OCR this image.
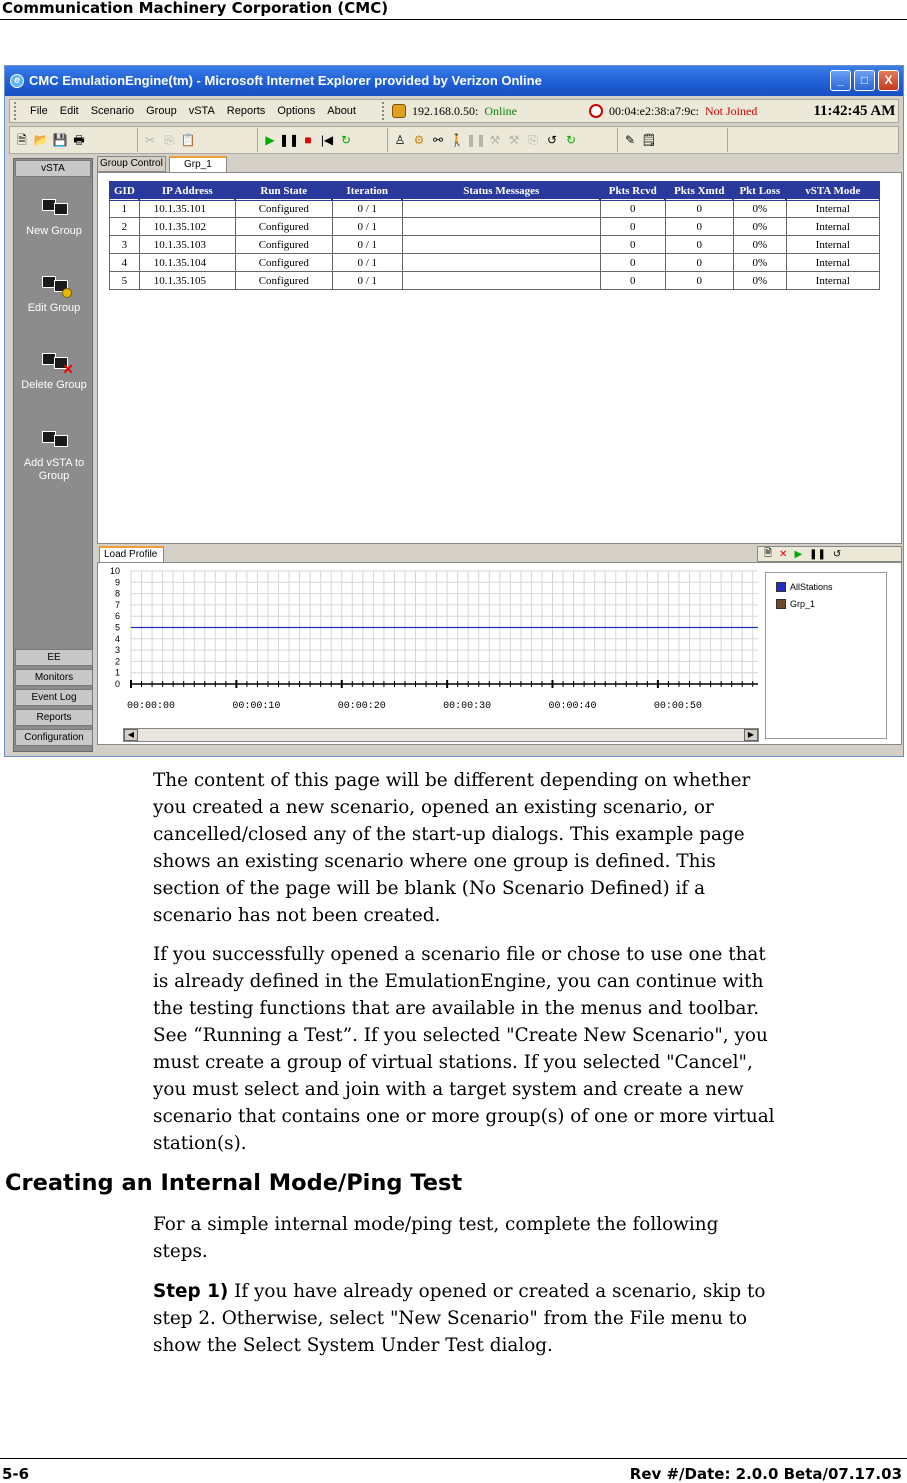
Communication Machinery Corporation (CMC)
e CMC EmulationEngine(tm) - Microsoft Internet Explorer provided by Verizon Online	_	□	X
File	Edit	Scenario	Group	vSTA	Reports	Options	About	192.168.0.50: Online	00:04:e2:38:a7:9c: Not Joined	11:42:45 AM
🗎 📂 💾 🖶	✂ ⎘ 📋	▶ ❚❚ ■ |◀ ↻	♙ ⚙ ⚯ 🚶 ❚❚ ⚒ ⚒ ⎘ ↺ ↻	✎ 🗒
vSTA
New Group
Edit Group
✕
Delete Group
Add vSTA to Group
EE
Monitors
Event Log
Reports
Configuration
Group Control	Grp_1
GID	IP Address	Run State	Iteration	Status Messages	Pkts Rcvd	Pkts Xmtd	Pkt Loss	vSTA Mode
1	10.1.35.101	Configured	0 / 1		0	0	0%	Internal
2	10.1.35.102	Configured	0 / 1		0	0	0%	Internal
3	10.1.35.103	Configured	0 / 1		0	0	0%	Internal
4	10.1.35.104	Configured	0 / 1		0	0	0%	Internal
5	10.1.35.105	Configured	0 / 1		0	0	0%	Internal
Load Profile	🗎 ✕ ▶ ❚❚ ↺
0
1
2
3
4
5
6
7
8
9
10
00:00:00	00:00:10	00:00:20	00:00:30	00:00:40	00:00:50
◀	▶
AllStations
Grp_1
The content of this page will be different depending on whether
you created a new scenario, opened an existing scenario, or
cancelled/closed any of the start-up dialogs. This example page
shows an existing scenario where one group is defined. This
section of the page will be blank (No Scenario Defined) if a
scenario has not been created.
If you successfully opened a scenario file or chose to use one that
is already defined in the EmulationEngine, you can continue with
the testing functions that are available in the menus and toolbar.
See “Running a Test”. If you selected "Create New Scenario", you
must create a group of virtual stations. If you selected "Cancel",
you must select and join with a target system and create a new
scenario that contains one or more group(s) of one or more virtual
station(s).
Creating an Internal Mode/Ping Test
For a simple internal mode/ping test, complete the following
steps.
Step 1) If you have already opened or created a scenario, skip to
step 2. Otherwise, select "New Scenario" from the File menu to
show the Select System Under Test dialog.
5-6	Rev #/Date: 2.0.0 Beta/07.17.03
